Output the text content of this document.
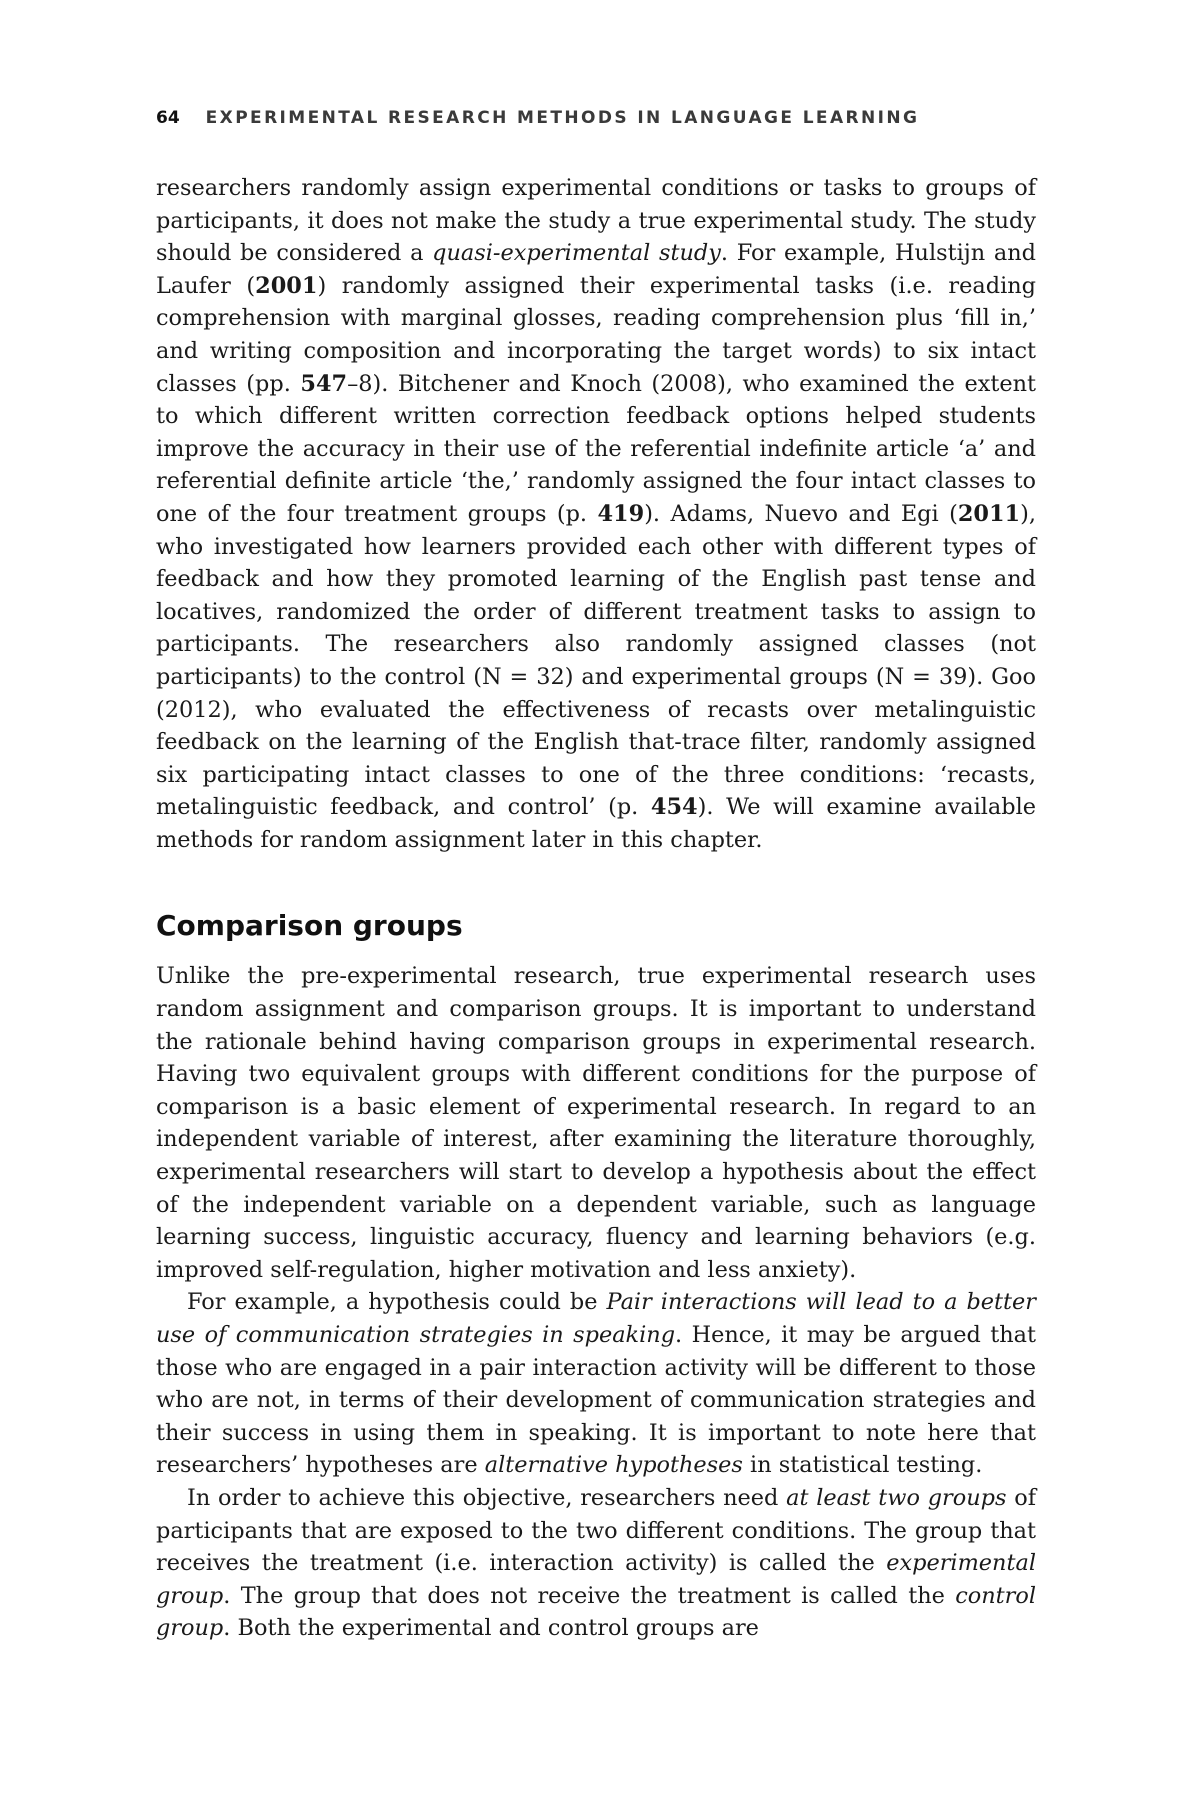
64 EXPERIMENTAL RESEARCH METHODS IN LANGUAGE LEARNING

researchers randomly assign experimental conditions or tasks to groups of participants, it does not make the study a true experimental study. The study should be considered a quasi-experimental study. For example, Hulstijn and Laufer (2001) randomly assigned their experimental tasks (i.e. reading comprehension with marginal glosses, reading comprehension plus ‘fill in,’ and writing composition and incorporating the target words) to six intact classes (pp. 547–8). Bitchener and Knoch (2008), who examined the extent to which different written correction feedback options helped students improve the accuracy in their use of the referential indefinite article ‘a’ and referential definite article ‘the,’ randomly assigned the four intact classes to one of the four treatment groups (p. 419). Adams, Nuevo and Egi (2011), who investigated how learners provided each other with different types of feedback and how they promoted learning of the English past tense and locatives, randomized the order of different treatment tasks to assign to participants. The researchers also randomly assigned classes (not participants) to the control (N = 32) and experimental groups (N = 39). Goo (2012), who evaluated the effectiveness of recasts over metalinguistic feedback on the learning of the English that-trace filter, randomly assigned six participating intact classes to one of the three conditions: ‘recasts, metalinguistic feedback, and control’ (p. 454). We will examine available methods for random assignment later in this chapter.

Comparison groups

Unlike the pre-experimental research, true experimental research uses random assignment and comparison groups. It is important to understand the rationale behind having comparison groups in experimental research. Having two equivalent groups with different conditions for the purpose of comparison is a basic element of experimental research. In regard to an independent variable of interest, after examining the literature thoroughly, experimental researchers will start to develop a hypothesis about the effect of the independent variable on a dependent variable, such as language learning success, linguistic accuracy, fluency and learning behaviors (e.g. improved self-regulation, higher motivation and less anxiety).

For example, a hypothesis could be Pair interactions will lead to a better use of communication strategies in speaking. Hence, it may be argued that those who are engaged in a pair interaction activity will be different to those who are not, in terms of their development of communication strategies and their success in using them in speaking. It is important to note here that researchers’ hypotheses are alternative hypotheses in statistical testing.

In order to achieve this objective, researchers need at least two groups of participants that are exposed to the two different conditions. The group that receives the treatment (i.e. interaction activity) is called the experimental group. The group that does not receive the treatment is called the control group. Both the experimental and control groups are
